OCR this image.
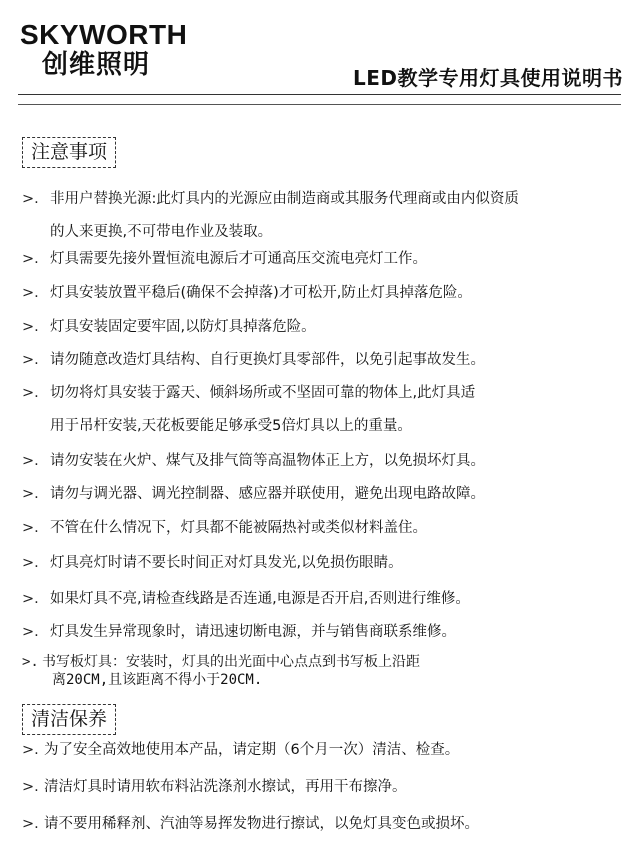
SKYWORTH
创维照明	LED教学专用灯具使用说明书
注意事项
>. 非用户替换光源:此灯具内的光源应由制造商或其服务代理商或由内似资质
的人来更换,不可带电作业及装取。
>. 灯具需要先接外置恒流电源后才可通高压交流电亮灯工作。
>. 灯具安装放置平稳后(确保不会掉落)才可松开,防止灯具掉落危险。
>. 灯具安装固定要牢固,以防灯具掉落危险。
>. 请勿随意改造灯具结构、自行更换灯具零部件，以免引起事故发生。
>. 切勿将灯具安装于露天、倾斜场所或不坚固可靠的物体上,此灯具适
用于吊杆安装,天花板要能足够承受5倍灯具以上的重量。
>. 请勿安装在火炉、煤气及排气筒等高温物体正上方，以免损坏灯具。
>. 请勿与调光器、调光控制器、感应器并联使用，避免出现电路故障。
>. 不管在什么情况下，灯具都不能被隔热衬或类似材料盖住。
>. 灯具亮灯时请不要长时间正对灯具发光,以免损伤眼睛。
>. 如果灯具不亮,请检查线路是否连通,电源是否开启,否则进行维修。
>. 灯具发生异常现象时，请迅速切断电源，并与销售商联系维修。
>. 书写板灯具：安装时，灯具的出光面中心点点到书写板上沿距
离20CM,且该距离不得小于20CM.
清洁保养
>. 为了安全高效地使用本产品，请定期（6个月一次）清洁、检查。
>. 清洁灯具时请用软布料沾洗涤剂水擦试，再用干布擦净。
>. 请不要用稀释剂、汽油等易挥发物进行擦试，以免灯具变色或损坏。
